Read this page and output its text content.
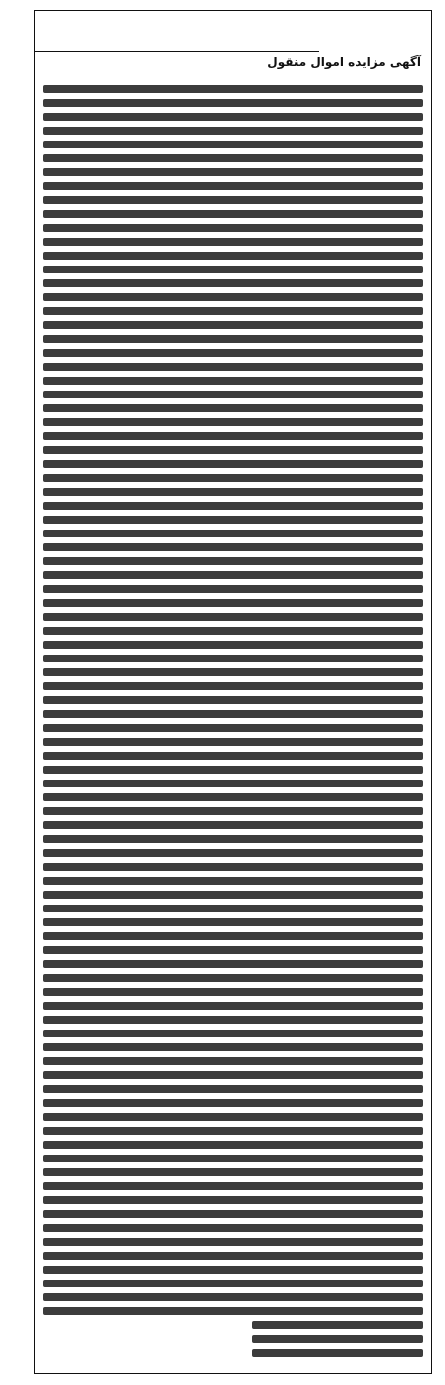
آگهی مزایده اموال منقول
